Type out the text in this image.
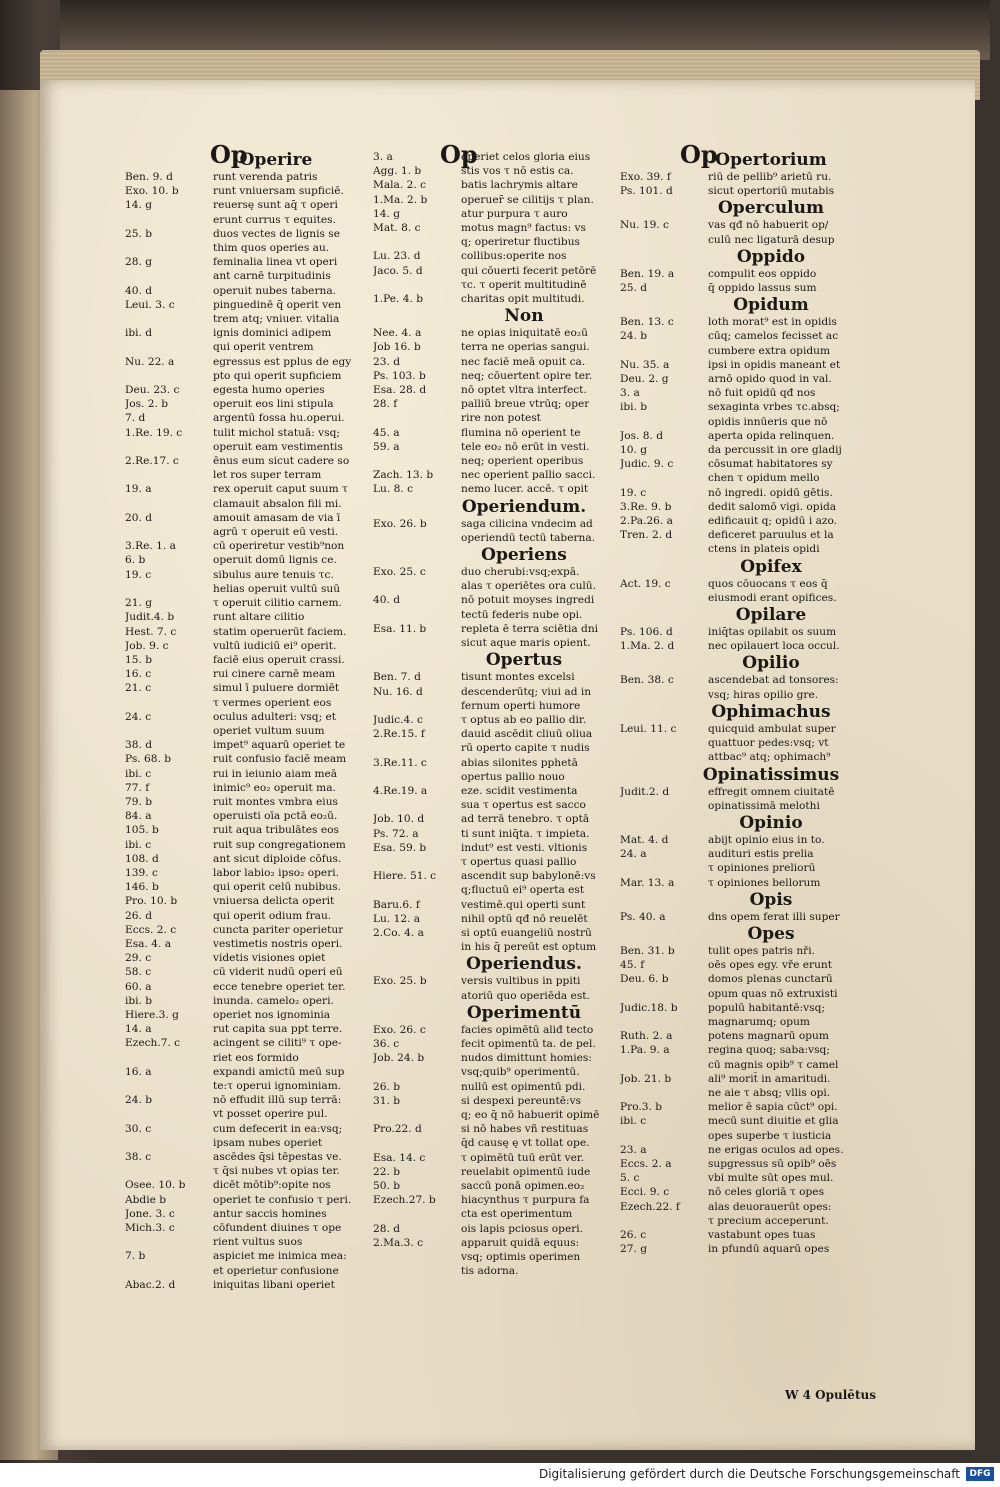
Op	Op	Op
Operire
Ben. 9. d	runt verenda patris
Exo. 10. b	runt vniuersam supficiē.
14. g	reuersę sunt aq̄ τ operi
erunt currus τ equites.
25. b	duos vectes de lignis se
thim quos operies au.
28. g	feminalia linea vt operi
ant carnē turpitudinis
40. d	operuit nubes taberna.
Leui. 3. c	pinguedinē q̄ operit ven
trem atq; vniuer. vitalia
ibi. d	ignis dominici adipem
qui operit ventrem
Nu. 22. a	egressus est pplus de egy
pto qui operit supficiem
Deu. 23. c	egesta humo operies
Jos. 2. b	operuit eos lini stipula
7. d	argentū fossa hu.operui.
1.Re. 19. c	tulit michol statuā: vsq;
operuit eam vestimentis
2.Re.17. c	ēnus eum sicut cadere so
let ros super terram
19. a	rex operuit caput suum τ
clamauit absalon fili mi.
20. d	amouit amasam de via ī
agrū τ operuit eū vesti.
3.Re. 1. a	cū operiretur vestib⁹non
6. b	operuit domū lignis ce.
19. c	sibulus aure tenuis τc.
helias operuit vultū suū
21. g	τ operuit cilitio carnem.
Judit.4. b	runt altare cilitio
Hest. 7. c	statim operuerūt faciem.
Job. 9. c	vultū iudiciū ei⁹ operit.
15. b	faciē eius operuit crassi.
16. c	rui cinere carnē meam
21. c	simul ī puluere dormiēt
τ vermes operient eos
24. c	oculus adulteri: vsq; et
operiet vultum suum
38. d	impet⁹ aquarū operiet te
Ps. 68. b	ruit confusio faciē meam
ibi. c	rui in ieiunio aiam meā
77. f	inimic⁹ eo₂ operuit ma.
79. b	ruit montes vmbra eius
84. a	operuisti oīa pctā eo₂ū.
105. b	ruit aqua tribulātes eos
ibi. c	ruit sup congregationem
108. d	ant sicut diploide cōfus.
139. c	labor labio₂ ipso₂ operi.
146. b	qui operit celū nubibus.
Pro. 10. b	vniuersa delicta operit
26. d	qui operit odium frau.
Eccs. 2. c	cuncta pariter operietur
Esa. 4. a	vestimetis nostris operi.
29. c	videtis visiones opiet
58. c	cū viderit nudū operi eū
60. a	ecce tenebre operiet ter.
ibi. b	inunda. camelo₂ operi.
Hiere.3. g	operiet nos ignominia
14. a	rut capita sua ppt terre.
Ezech.7. c	acingent se ciliti⁹ τ ope-
riet eos formido
16. a	expandi amictū meū sup
te:τ operui ignominiam.
24. b	nō effudit illū sup terrā:
vt posset operire pul.
30. c	cum defecerit in ea:vsq;
ipsam nubes operiet
38. c	ascēdes q̄si tēpestas ve.
τ q̄si nubes vt opias ter.
Osee. 10. b	dicēt mōtib⁹:opite nos
Abdie b	operiet te confusio τ peri.
Jone. 3. c	antur saccis homines
Mich.3. c	cōfundent diuines τ ope
rient vultus suos
7. b	aspiciet me inimica mea:
et operietur confusione
Abac.2. d	iniquitas libani operiet
3. a	operiet celos gloria eius
Agg. 1. b	stis vos τ nō estis ca.
Mala. 2. c	batis lachrymis altare
1.Ma. 2. b	operuer̄ se cilitijs τ plan.
14. g	atur purpura τ auro
Mat. 8. c	motus magn⁹ factus: vs
q; operiretur fluctibus
Lu. 23. d	collibus:operite nos
Jaco. 5. d	qui cōuerti fecerit petōrē
τc. τ operit multitudinē
1.Pe. 4. b	charitas opit multitudi.
Non
Nee. 4. a	ne opias iniquitatē eo₂ū
Job 16. b	terra ne operias sangui.
23. d	nec faciē meā opuit ca.
Ps. 103. b	neq; cōuertent opire ter.
Esa. 28. d	nō optet vltra interfect.
28. f	palliū breue vtrūq; oper
rire non potest
45. a	flumina nō operient te
59. a	tele eo₂ nō erūt in vesti.
neq; operient operibus
Zach. 13. b	nec operient pallio sacci.
Lu. 8. c	nemo lucer. accē. τ opit
Operiendum.
Exo. 26. b	saga cilicina vndecim ad
operiendū tectū taberna.
Operiens
Exo. 25. c	duo cherubi:vsq;expā.
alas τ operiētes ora culū.
40. d	nō potuit moyses ingredi
tectū federis nube opi.
Esa. 11. b	repleta ē terra sciētia dni
sicut aque maris opient.
Opertus
Ben. 7. d	tisunt montes excelsi
Nu. 16. d	descenderūtq; viui ad in
fernum operti humore
Judic.4. c	τ optus ab eo pallio dir.
2.Re.15. f	dauid ascēdit cliuū oliua
rū operto capite τ nudis
3.Re.11. c	abias silonites pphetā
opertus pallio nouo
4.Re.19. a	eze. scidit vestimenta
sua τ opertus est sacco
Job. 10. d	ad terrā tenebro. τ optā
Ps. 72. a	ti sunt iniq̄ta. τ impieta.
Esa. 59. b	indut⁹ est vesti. vltionis
τ opertus quasi pallio
Hiere. 51. c	ascendit sup babylonē:vs
q;fluctuū ei⁹ operta est
Baru.6. f	vestimē.qui operti sunt
Lu. 12. a	nihil optū qđ nō reuelēt
2.Co. 4. a	si optū euangeliū nostrū
in his q̄ pereūt est optum
Operiendus.
Exo. 25. b	versis vultibus in ppiti
atoriū quo operiēda est.
Operimentū
Exo. 26. c	facies opimētū aliđ tecto
36. c	fecit opimentū ta. de pel.
Job. 24. b	nudos dimittunt homies:
vsq;quib⁹ operimentū.
26. b	nullū est opimentū pdi.
31. b	si despexi pereuntē:vs
q; eo q̄ nō habuerit opimē
Pro.22. d	si nō habes vñ restituas
q̄d causę ę vt tollat ope.
Esa. 14. c	τ opimētū tuū erūt ver.
22. b	reuelabit opimentū iude
50. b	saccū ponā opimen.eo₂
Ezech.27. b	hiacynthus τ purpura fa
cta est operimentum
28. d	ois lapis pciosus operi.
2.Ma.3. c	apparuit quidā equus:
vsq; optimis operimen
tis adorna.
Opertorium
Exo. 39. f	riū de pellib⁹ arietū ru.
Ps. 101. d	sicut opertoriū mutabis
Operculum
Nu. 19. c	vas qđ nō habuerit op/
culū nec ligaturā desup
Oppido
Ben. 19. a	compulit eos oppido
25. d	q̄ oppido lassus sum
Opidum
Ben. 13. c	loth morat⁹ est in opidis
24. b	cūq; camelos fecisset ac
cumbere extra opidum
Nu. 35. a	ipsi in opidis maneant et
Deu. 2. g	arnō opido quod in val.
3. a	nō fuit opidū qđ nos
ibi. b	sexaginta vrbes τc.absq;
opidis innūeris que nō
Jos. 8. d	aperta opida relinquen.
10. g	da percussit in ore gladij
Judic. 9. c	cōsumat habitatores sy
chen τ opidum mello
19. c	nō ingredi. opidū gētis.
3.Re. 9. b	dedit salomō vigi. opida
2.Pa.26. a	edificauit q; opidū i azo.
Tren. 2. d	deficeret paruulus et la
ctens in plateis opidi
Opifex
Act. 19. c	quos cōuocans τ eos q̄
eiusmodi erant opifices.
Opilare
Ps. 106. d	iniq̄tas opilabit os suum
1.Ma. 2. d	nec opilauert loca occul.
Opilio
Ben. 38. c	ascendebat ad tonsores:
vsq; hiras opilio gre.
Ophimachus
Leui. 11. c	quicquid ambulat super
quattuor pedes:vsq; vt
attbac⁹ atq; ophimach⁹
Opinatissimus
Judit.2. d	effregit omnem ciuitatē
opinatissimā melothi
Opinio
Mat. 4. d	abijt opinio eius in to.
24. a	audituri estis prelia
τ opiniones preliorū
Mar. 13. a	τ opiniones bellorum
Opis
Ps. 40. a	dns opem ferat illi super
Opes
Ben. 31. b	tulit opes patris nři.
45. f	oēs opes egy. vře erunt
Deu. 6. b	domos plenas cunctarū
opum quas nō extruxisti
Judic.18. b	populū habitantē:vsq;
magnarumq; opum
Ruth. 2. a	potens magnarū opum
1.Pa. 9. a	regina quoq; saba:vsq;
cū magnis opib⁹ τ camel
Job. 21. b	ali⁹ morit̄ in amaritudi.
ne aie τ absq; vllis opi.
Pro.3. b	melior ē sapia cūct⁹ opi.
ibi. c	mecū sunt diuitie et glia
opes superbe τ iusticia
23. a	ne erigas oculos ad opes.
Eccs. 2. a	supgressus sū opib⁹ oēs
5. c	vbi multe sūt opes mul.
Ecci. 9. c	nō celes gloriā τ opes
Ezech.22. f	alas deuorauerūt opes:
τ precium acceperunt.
26. c	vastabunt opes tuas
27. g	in pfundū aquarū opes
W 4 Opulētus
Digitalisierung gefördert durch die Deutsche Forschungsgemeinschaft	DFG
